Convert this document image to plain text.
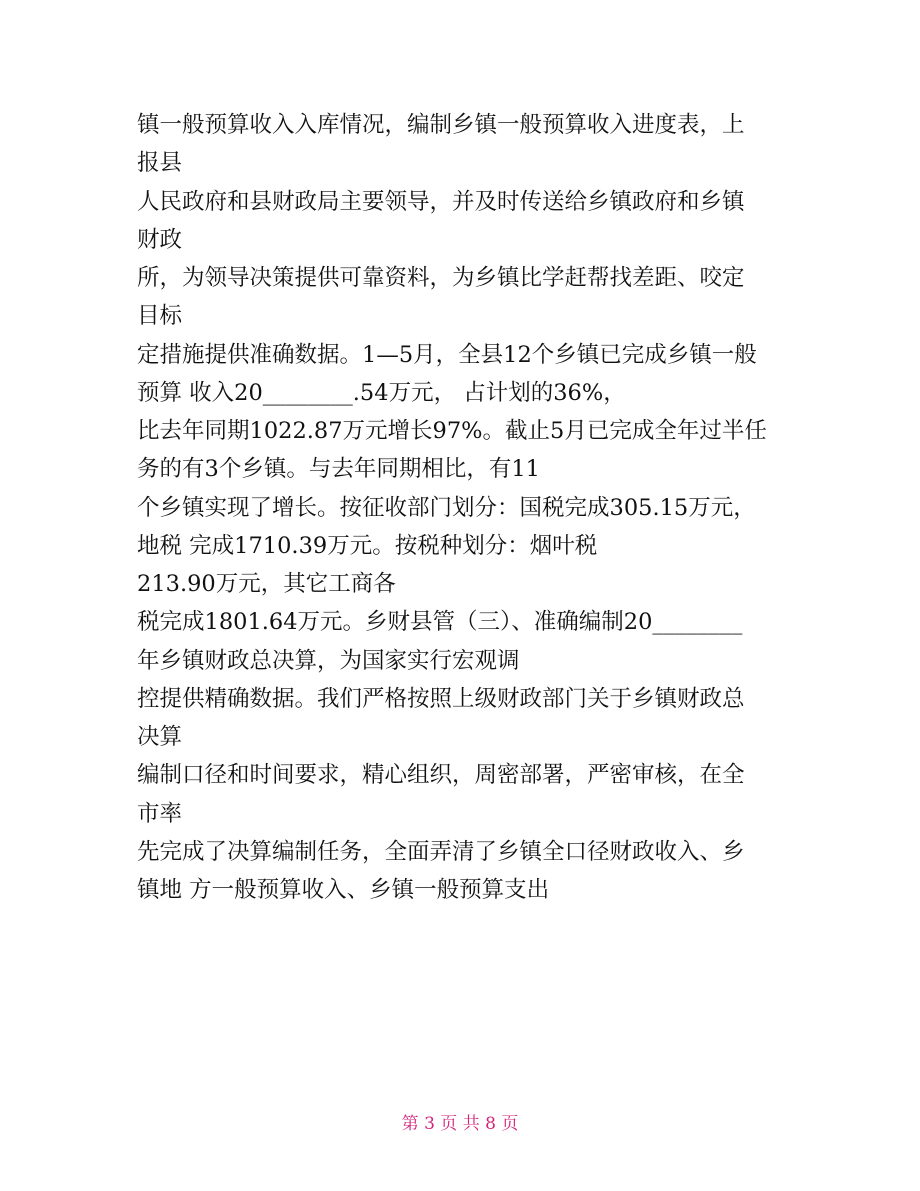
镇一般预算收入入库情况，编制乡镇一般预算收入进度表，上
报县
人民政府和县财政局主要领导，并及时传送给乡镇政府和乡镇
财政
所，为领导决策提供可靠资料，为乡镇比学赶帮找差距、咬定
目标
定措施提供准确数据。1—5月，全县12个乡镇已完成乡镇一般
预算 收入20________.54万元， 占计划的36%，
比去年同期1022.87万元增长97%。截止5月已完成全年过半任
务的有3个乡镇。与去年同期相比，有11
个乡镇实现了增长。按征收部门划分：国税完成305.15万元，
地税 完成1710.39万元。按税种划分：烟叶税
213.90万元，其它工商各
税完成1801.64万元。乡财县管（三）、准确编制20________
年乡镇财政总决算，为国家实行宏观调
控提供精确数据。我们严格按照上级财政部门关于乡镇财政总
决算
编制口径和时间要求，精心组织，周密部署，严密审核，在全
市率
先完成了决算编制任务，全面弄清了乡镇全口径财政收入、乡
镇地 方一般预算收入、乡镇一般预算支出
第 3 页 共 8 页
